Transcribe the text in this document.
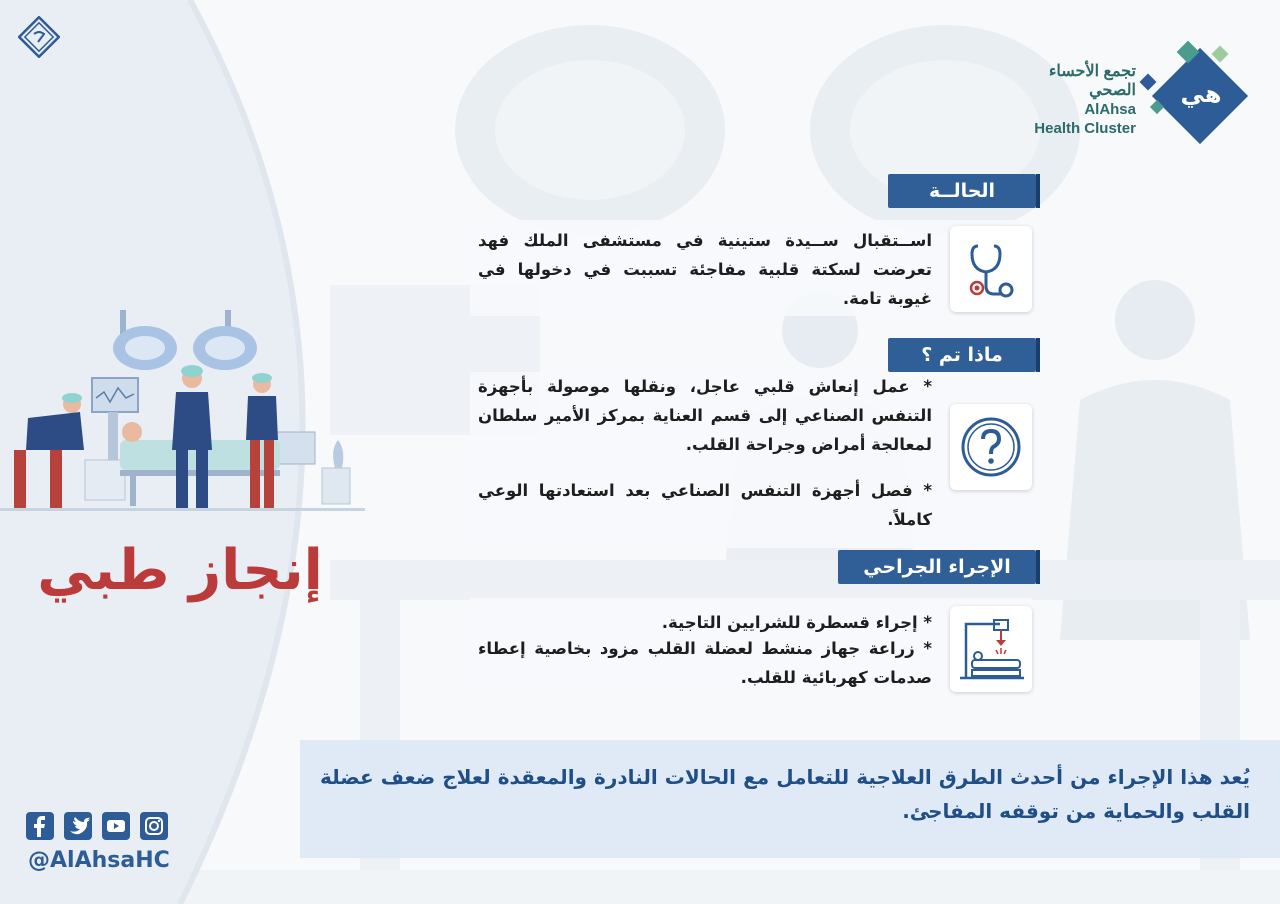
إنجاز طبي
@AlAhsaHC
هي
تجمع الأحساء
الصحي
AlAhsa
Health Cluster
الحالــة
اســتقبال ســيدة ستينية في مستشفى الملك فهد تعرضت لسكتة قلبية مفاجئة تسببت في دخولها في غيوبة تامة.
ماذا تم ؟
* عمل إنعاش قلبي عاجل، ونقلها موصولة بأجهزة التنفس الصناعي إلى قسم العناية بمركز الأمير سلطان لمعالجة أمراض وجراحة القلب.
* فصل أجهزة التنفس الصناعي بعد استعادتها الوعي كاملاً.
الإجراء الجراحي
* إجراء قسطرة للشرايين التاجية.
* زراعة جهاز منشط لعضلة القلب مزود بخاصية إعطاء صدمات كهربائية للقلب.
يُعد هذا الإجراء من أحدث الطرق العلاجية للتعامل مع الحالات النادرة والمعقدة لعلاج ضعف عضلة القلب والحماية من توقفه المفاجئ.
